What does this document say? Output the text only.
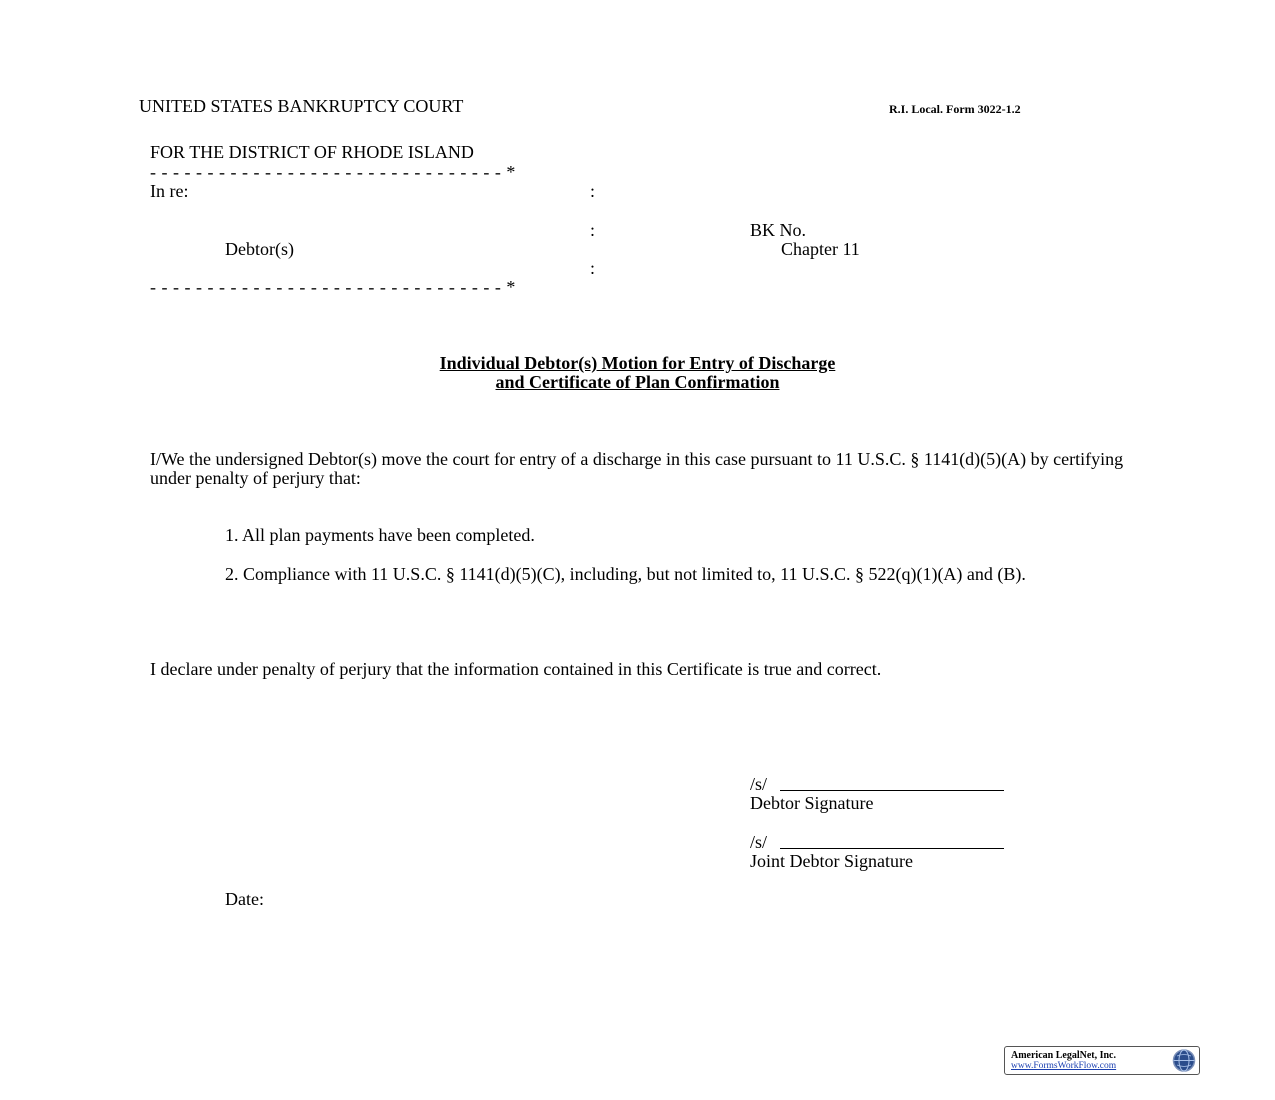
UNITED STATES BANKRUPTCY COURT	R.I. Local. Form 3022-1.2
FOR THE DISTRICT OF RHODE ISLAND
- - - - - - - - - - - - - - - - - - - - - - - - - - - - - - - *
In re:	:
:
:
Debtor(s)
BK No.
Chapter 11
- - - - - - - - - - - - - - - - - - - - - - - - - - - - - - - *
Individual Debtor(s) Motion for Entry of Discharge
and Certificate of Plan Confirmation
I/We the undersigned Debtor(s) move the court for entry of a discharge in this case pursuant to 11 U.S.C. § 1141(d)(5)(A) by certifying under penalty of perjury that:
1. All plan payments have been completed.
2. Compliance with 11 U.S.C. § 1141(d)(5)(C), including, but not limited to, 11 U.S.C. § 522(q)(1)(A) and (B).
I declare under penalty of perjury that the information contained in this Certificate is true and correct.
/s/
Debtor Signature
/s/
Joint Debtor Signature
Date:
American LegalNet, Inc.
www.FormsWorkFlow.com
